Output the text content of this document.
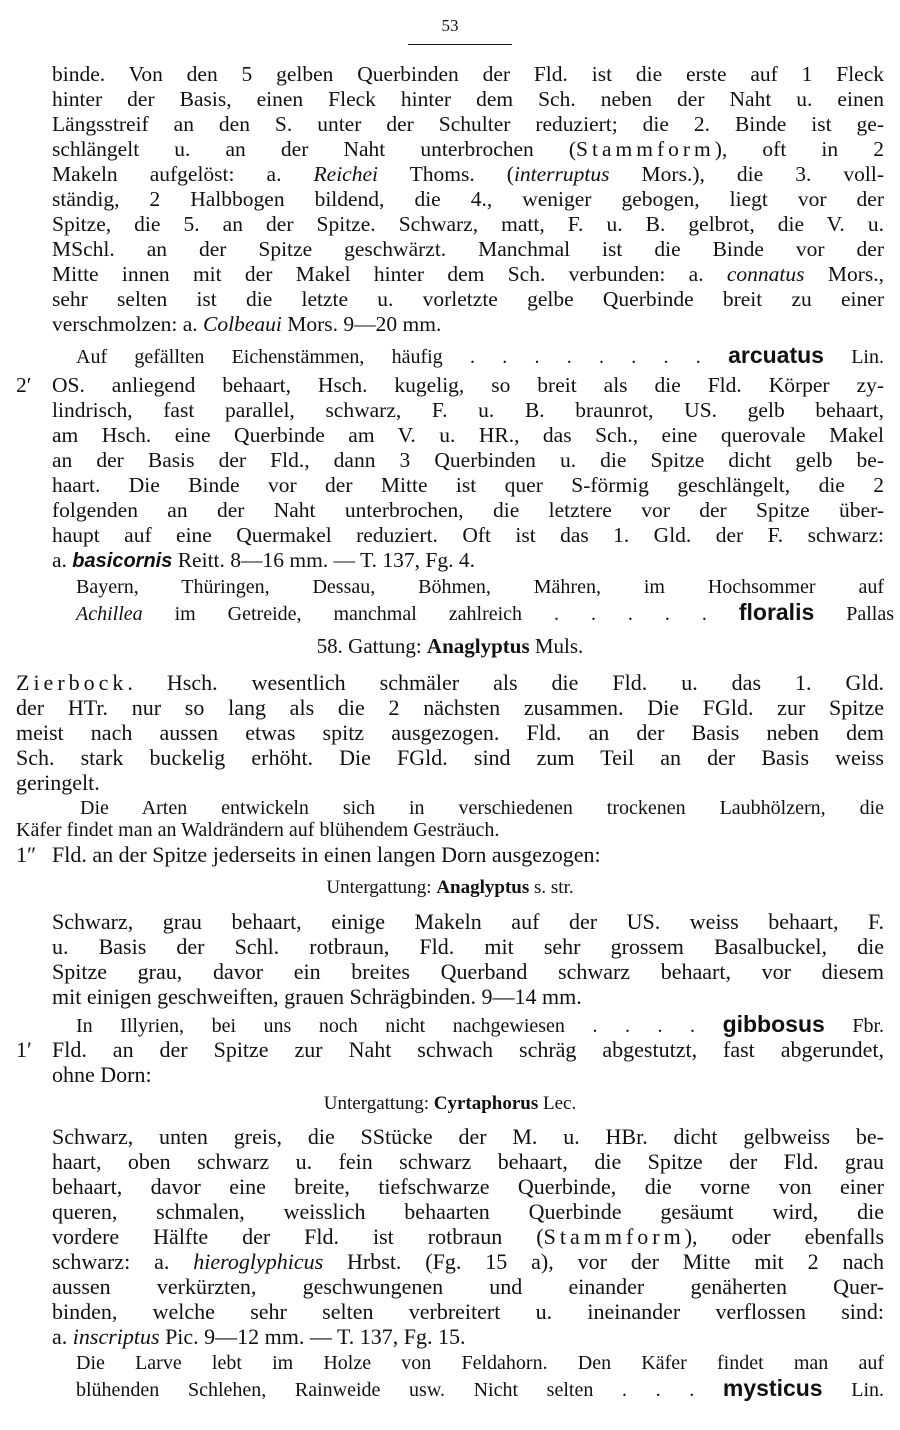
53
binde. Von den 5 gelben Querbinden der Fld. ist die erste auf 1 Fleck
hinter der Basis, einen Fleck hinter dem Sch. neben der Naht u. einen
Längsstreif an den S. unter der Schulter reduziert; die 2. Binde ist ge-
schlängelt u. an der Naht unterbrochen (Stammform), oft in 2
Makeln aufgelöst: a. Reichei Thoms. (interruptus Mors.), die 3. voll-
ständig, 2 Halbbogen bildend, die 4., weniger gebogen, liegt vor der
Spitze, die 5. an der Spitze. Schwarz, matt, F. u. B. gelbrot, die V. u.
MSchl. an der Spitze geschwärzt. Manchmal ist die Binde vor der
Mitte innen mit der Makel hinter dem Sch. verbunden: a. connatus Mors.,
sehr selten ist die letzte u. vorletzte gelbe Querbinde breit zu einer
verschmolzen: a. Colbeaui Mors. 9—20 mm.
Auf gefällten Eichenstämmen, häufig . . . . . . . . arcuatus Lin.
2′ OS. anliegend behaart, Hsch. kugelig, so breit als die Fld. Körper zy-
lindrisch, fast parallel, schwarz, F. u. B. braunrot, US. gelb behaart,
am Hsch. eine Querbinde am V. u. HR., das Sch., eine querovale Makel
an der Basis der Fld., dann 3 Querbinden u. die Spitze dicht gelb be-
haart. Die Binde vor der Mitte ist quer S-förmig geschlängelt, die 2
folgenden an der Naht unterbrochen, die letztere vor der Spitze über-
haupt auf eine Quermakel reduziert. Oft ist das 1. Gld. der F. schwarz:
a. basicornis Reitt. 8—16 mm. — T. 137, Fg. 4.
Bayern, Thüringen, Dessau, Böhmen, Mähren, im Hochsommer auf
Achillea im Getreide, manchmal zahlreich . . . . . floralis Pallas
58. Gattung: Anaglyptus Muls.
Zierbock. Hsch. wesentlich schmäler als die Fld. u. das 1. Gld.
der HTr. nur so lang als die 2 nächsten zusammen. Die FGld. zur Spitze
meist nach aussen etwas spitz ausgezogen. Fld. an der Basis neben dem
Sch. stark buckelig erhöht. Die FGld. sind zum Teil an der Basis weiss
geringelt.
Die Arten entwickeln sich in verschiedenen trockenen Laubhölzern, die
Käfer findet man an Waldrändern auf blühendem Gesträuch.
1″ Fld. an der Spitze jederseits in einen langen Dorn ausgezogen:
Untergattung: Anaglyptus s. str.
Schwarz, grau behaart, einige Makeln auf der US. weiss behaart, F.
u. Basis der Schl. rotbraun, Fld. mit sehr grossem Basalbuckel, die
Spitze grau, davor ein breites Querband schwarz behaart, vor diesem
mit einigen geschweiften, grauen Schrägbinden. 9—14 mm.
In Illyrien, bei uns noch nicht nachgewiesen . . . . gibbosus Fbr.
1′ Fld. an der Spitze zur Naht schwach schräg abgestutzt, fast abgerundet,
ohne Dorn:
Untergattung: Cyrtaphorus Lec.
Schwarz, unten greis, die SStücke der M. u. HBr. dicht gelbweiss be-
haart, oben schwarz u. fein schwarz behaart, die Spitze der Fld. grau
behaart, davor eine breite, tiefschwarze Querbinde, die vorne von einer
queren, schmalen, weisslich behaarten Querbinde gesäumt wird, die
vordere Hälfte der Fld. ist rotbraun (Stammform), oder ebenfalls
schwarz: a. hieroglyphicus Hrbst. (Fg. 15 a), vor der Mitte mit 2 nach
aussen verkürzten, geschwungenen und einander genäherten Quer-
binden, welche sehr selten verbreitert u. ineinander verflossen sind:
a. inscriptus Pic. 9—12 mm. — T. 137, Fg. 15.
Die Larve lebt im Holze von Feldahorn. Den Käfer findet man auf
blühenden Schlehen, Rainweide usw. Nicht selten . . . mysticus Lin.
